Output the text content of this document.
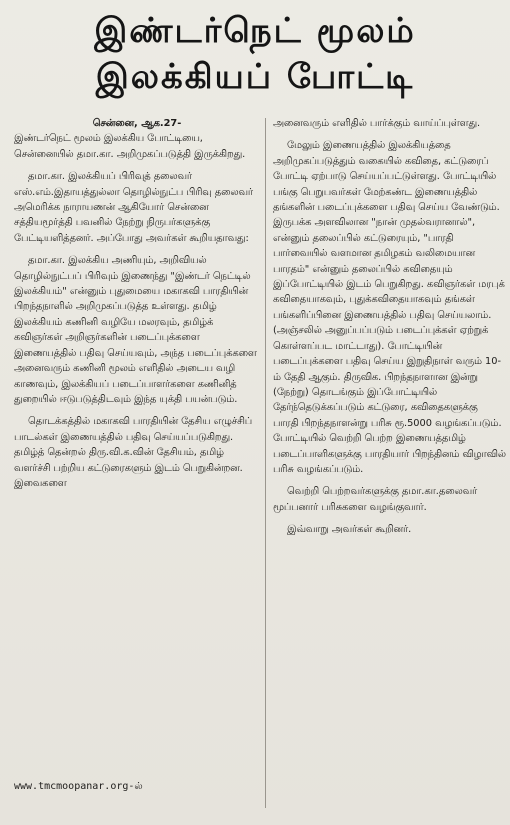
இண்டர்நெட் மூலம்
இலக்கியப் போட்டி
சென்னை, ஆக.27-

இண்டர்நெட் மூலம் இலக்கிய போட்டியை, சென்னையில் தமா.கா. அறிமுகப்படுத்தி இருக்கிறது.

தமா.கா. இலக்கியப் பிரிவுத் தலைவர் எஸ்.எம்.இதாயத்துல்லா தொழில்நுட்ப பிரிவு தலைவர் அமெரிக்க நாராயணன் ஆகியோர் சென்னை சத்தியமூர்த்தி பவனில் நேற்று நிருபர்களுக்கு பேட்டியளித்தனர். அப்போது அவர்கள் கூறியதாவது:

தமா.கா. இலக்கிய அணியும், அறிவியல் தொழில்நுட்பப் பிரிவும் இணைந்து "இண்டர் நெட்டில் இலக்கியம்" என்னும் புதுமையை மகாகவி பாரதியின் பிறந்தநாளில் அறிமுகப்படுத்த உள்ளது. தமிழ் இலக்கியம் கணினி வழியே மலரவும், தமிழ்க் கவிஞர்கள் அறிஞர்களின் படைப்புக்களை இணையத்தில் பதிவு செய்யவும், அந்த படைப்புக்களை அனைவரும் கணினி மூலம் எளிதில் அடைய வழி காணவும், இலக்கியப் படைப்பாளர்களை கணினித் துறையில் ஈடுபடுத்திடவும் இந்த யுக்தி பயன்படும்.

தொடக்கத்தில் மகாகவி பாரதியின் தேசிய எழுச்சிப் பாடல்கள் இணையத்தில் பதிவு செய்யப்படுகிறது. தமிழ்த் தென்றல் திரு.வி.க.வின் தேசியம், தமிழ் வளர்ச்சி பற்றிய கட்டுரைகளும் இடம் பெறுகின்றன. இவைகளை

www.tmcmoopanar.org-ல்

அனைவரும் எளிதில் பார்க்கும் வாய்ப்புள்ளது.

மேலும் இணையத்தில் இலக்கியத்தை அறிமுகப்படுத்தும் வகையில் கவிதை, கட்டுரைப் போட்டி ஏற்பாடு செய்யப்பட்டுள்ளது. போட்டியில் பங்கு பெறுபவர்கள் மேற்கண்ட இணையத்தில் தங்களின் படைப்புக்களை பதிவு செய்ய வேண்டும். இருபக்க அளவிலான "நான் முதல்வரானால்", என்னும் தலைப்பில் கட்டுரையும், "பாரதி பார்வையில் வளமான தமிழகம் வலிமையான பாரதம்" என்னும் தலைப்பில் கவிதையும் இப்போட்டியில் இடம் பெறுகிறது. கவிஞர்கள் மரபுக் கவிதையாகவும், புதுக்கவிதையாகவும் தங்கள் பங்களிப்பினை இணையத்தில் பதிவு செய்யலாம். (அஞ்சலில் அனுப்பப்படும் படைப்புக்கள் ஏற்றுக் கொள்ளப்பட மாட்டாது). போட்டியின் படைப்புக்களை பதிவு செய்ய இறுதிநாள் வரும் 10-ம் தேதி ஆகும். திருவிக. பிறந்தநாளான இன்று (நேற்று) தொடங்கும் இப்போட்டியில் தேர்ந்தெடுக்கப்படும் கட்டுரை, கவிதைகளுக்கு பாரதி பிறந்தநாளன்று பரிசு ரூ.5000 வழங்கப்படும். போட்டியில் வெற்றி பெற்ற இணையத்தமிழ் படைப்பாளிகளுக்கு பாரதியார் பிறந்தினம் விழாவில் பரிசு வழங்கப்படும்.

வெற்றி பெற்றவர்களுக்கு தமா.கா.தலைவர் மூப்பனார் பரிசுகளை வழங்குவார்.

இவ்வாறு அவர்கள் கூறினர்.
